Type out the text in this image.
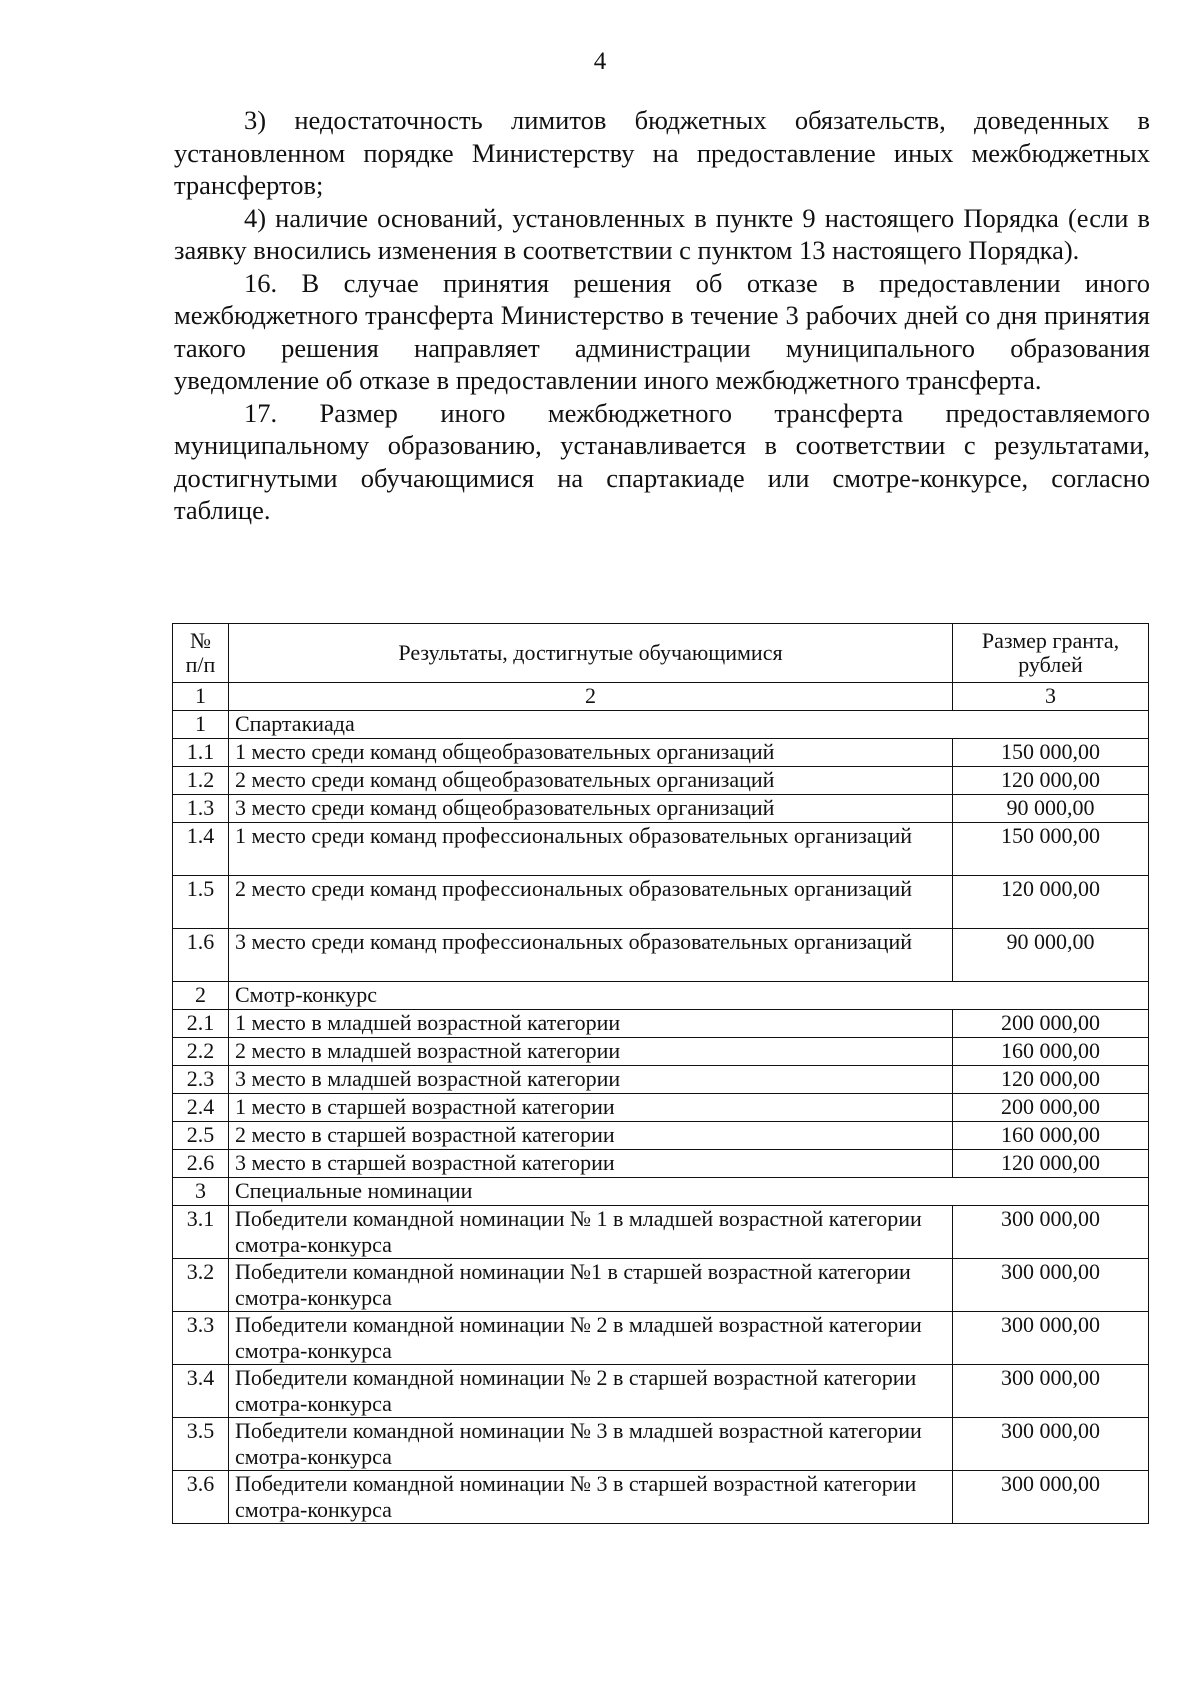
4

3) недостаточность лимитов бюджетных обязательств, доведенных в установленном порядке Министерству на предоставление иных межбюджетных трансфертов;

4) наличие оснований, установленных в пункте 9 настоящего Порядка (если в заявку вносились изменения в соответствии с пунктом 13 настоящего Порядка).

16. В случае принятия решения об отказе в предоставлении иного межбюджетного трансферта Министерство в течение 3 рабочих дней со дня принятия такого решения направляет администрации муниципального образования уведомление об отказе в предоставлении иного межбюджетного трансферта.

17. Размер иного межбюджетного трансферта предоставляемого муниципальному образованию, устанавливается в соответствии с результатами, достигнутыми обучающимися на спартакиаде или смотре-конкурсе, согласно таблице.

№ п/п	Результаты, достигнутые обучающимися	Размер гранта, рублей
1	2	3
1	Спартакиада	
1.1	1 место среди команд общеобразовательных организаций	150 000,00
1.2	2 место среди команд общеобразовательных организаций	120 000,00
1.3	3 место среди команд общеобразовательных организаций	90 000,00
1.4	1 место среди команд профессиональных образовательных организаций	150 000,00
1.5	2 место среди команд профессиональных образовательных организаций	120 000,00
1.6	3 место среди команд профессиональных образовательных организаций	90 000,00
2	Смотр-конкурс	
2.1	1 место в младшей возрастной категории	200 000,00
2.2	2 место в младшей возрастной категории	160 000,00
2.3	3 место в младшей возрастной категории	120 000,00
2.4	1 место в старшей возрастной категории	200 000,00
2.5	2 место в старшей возрастной категории	160 000,00
2.6	3 место в старшей возрастной категории	120 000,00
3	Специальные номинации	
3.1	Победители командной номинации № 1 в младшей возрастной категории смотра-конкурса	300 000,00
3.2	Победители командной номинации №1 в старшей возрастной категории смотра-конкурса	300 000,00
3.3	Победители командной номинации № 2 в младшей возрастной категории смотра-конкурса	300 000,00
3.4	Победители командной номинации № 2 в старшей возрастной категории смотра-конкурса	300 000,00
3.5	Победители командной номинации № 3 в младшей возрастной категории смотра-конкурса	300 000,00
3.6	Победители командной номинации № 3 в старшей возрастной категории смотра-конкурса	300 000,00
